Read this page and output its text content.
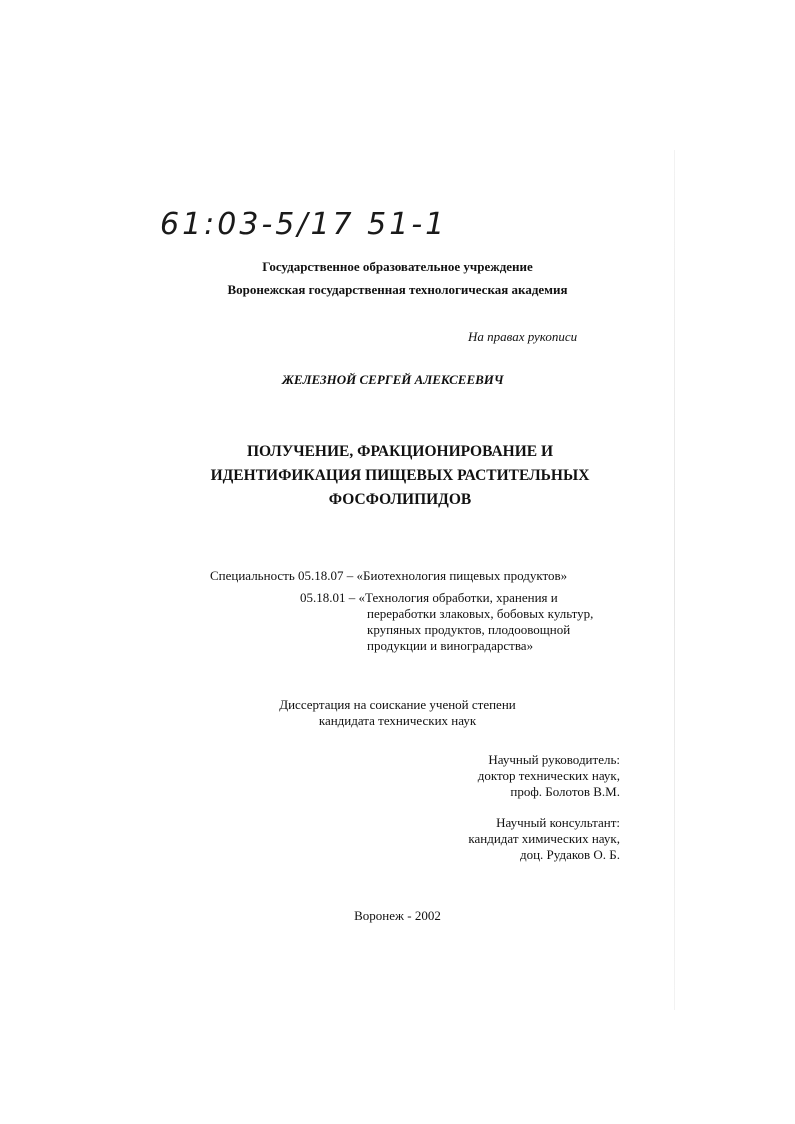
61:03-5/17 51-1
Государственное образовательное учреждение
Воронежская государственная технологическая академия
На правах рукописи
ЖЕЛЕЗНОЙ СЕРГЕЙ АЛЕКСЕЕВИЧ
ПОЛУЧЕНИЕ, ФРАКЦИОНИРОВАНИЕ И
ИДЕНТИФИКАЦИЯ ПИЩЕВЫХ РАСТИТЕЛЬНЫХ
ФОСФОЛИПИДОВ
Специальность 05.18.07 – «Биотехнология пищевых продуктов»
05.18.01 – «Технология обработки, хранения и
переработки злаковых, бобовых культур,
крупяных продуктов, плодоовощной
продукции и виноградарства»
Диссертация на соискание ученой степени
кандидата технических наук
Научный руководитель:
доктор технических наук,
проф. Болотов В.М.
Научный консультант:
кандидат химических наук,
доц. Рудаков О. Б.
Воронеж - 2002
